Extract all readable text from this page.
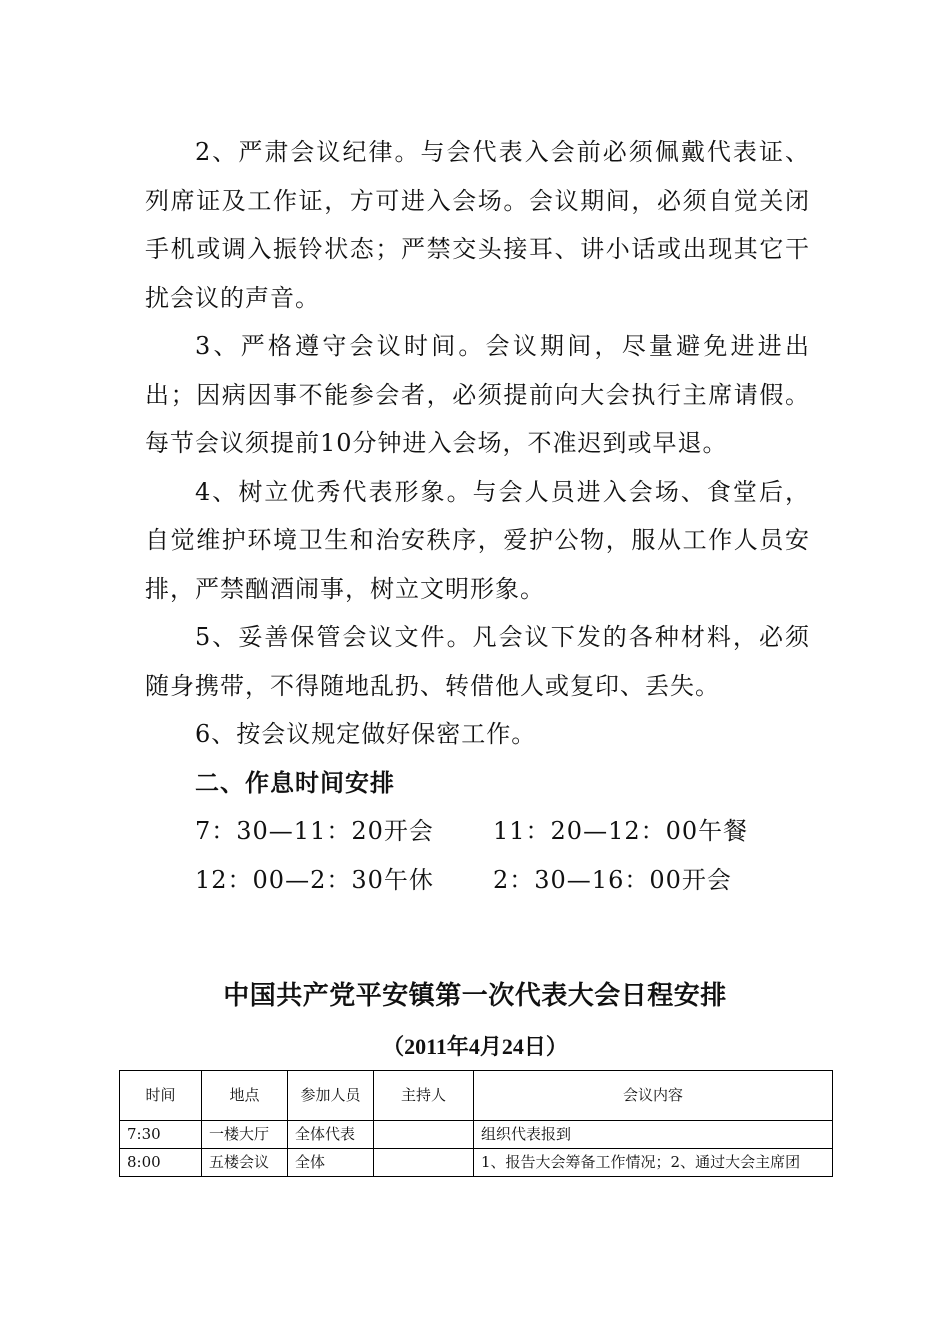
2、严肃会议纪律。与会代表入会前必须佩戴代表证、列席证及工作证，方可进入会场。会议期间，必须自觉关闭手机或调入振铃状态；严禁交头接耳、讲小话或出现其它干扰会议的声音。

3、严格遵守会议时间。会议期间，尽量避免进进出出；因病因事不能参会者，必须提前向大会执行主席请假。每节会议须提前10分钟进入会场，不准迟到或早退。

4、树立优秀代表形象。与会人员进入会场、食堂后，自觉维护环境卫生和治安秩序，爱护公物，服从工作人员安排，严禁酗酒闹事，树立文明形象。

5、妥善保管会议文件。凡会议下发的各种材料，必须随身携带，不得随地乱扔、转借他人或复印、丢失。

6、按会议规定做好保密工作。

二、作息时间安排

7：30—11：20开会 11：20—12：00午餐
12：00—2：30午休 2：30—16：00开会
中国共产党平安镇第一次代表大会日程安排
（2011年4月24日）
时间	地点	参加人员	主持人	会议内容
7:30	一楼大厅	全体代表		组织代表报到
8:00	五楼会议	全体		1、报告大会筹备工作情况；2、通过大会主席团
